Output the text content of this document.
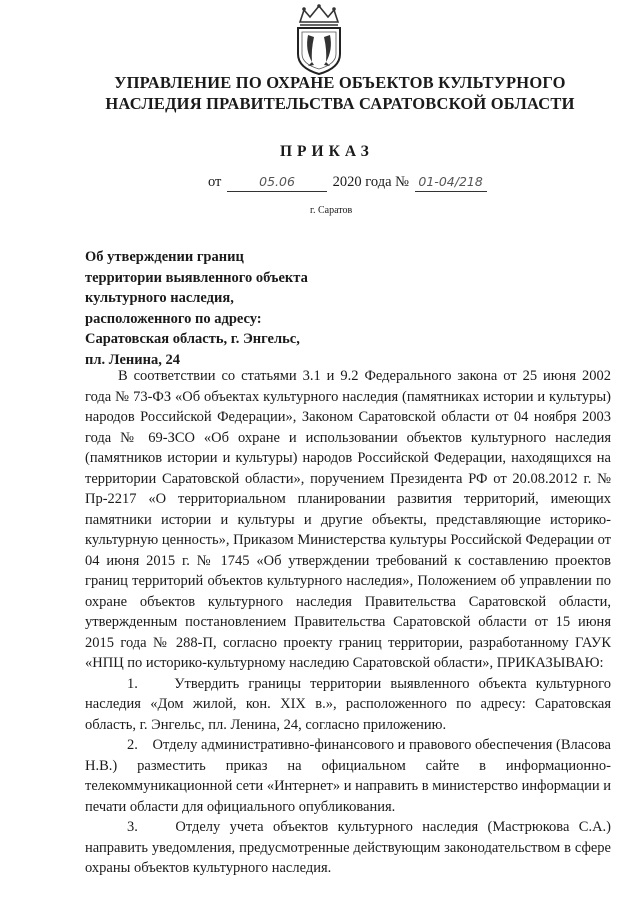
УПРАВЛЕНИЕ ПО ОХРАНЕ ОБЪЕКТОВ КУЛЬТУРНОГО
НАСЛЕДИЯ ПРАВИТЕЛЬСТВА САРАТОВСКОЙ ОБЛАСТИ
ПРИКАЗ
от	05.06	2020 года № 01-04/218
г. Саратов
Об утверждении границ
территории выявленного объекта
культурного наследия,
расположенного по адресу:
Саратовская область, г. Энгельс,
пл. Ленина, 24

В соответствии со статьями 3.1 и 9.2 Федерального закона от 25 июня 2002 года № 73-ФЗ «Об объектах культурного наследия (памятниках истории и культуры) народов Российской Федерации», Законом Саратовской области от 04 ноября 2003 года № 69-ЗСО «Об охране и использовании объектов культурного наследия (памятников истории и культуры) народов Российской Федерации, находящихся на территории Саратовской области», поручением Президента РФ от 20.08.2012 г. № Пр-2217 «О территориальном планировании развития территорий, имеющих памятники истории и культуры и другие объекты, представляющие историко-культурную ценность», Приказом Министерства культуры Российской Федерации от 04 июня 2015 г. № 1745 «Об утверждении требований к составлению проектов границ территорий объектов культурного наследия», Положением об управлении по охране объектов культурного наследия Правительства Саратовской области, утвержденным постановлением Правительства Саратовской области от 15 июня 2015 года № 288-П, согласно проекту границ территории, разработанному ГАУК «НПЦ по историко-культурному наследию Саратовской области», ПРИКАЗЫВАЮ:

1.    Утвердить границы территории выявленного объекта культурного наследия «Дом жилой, кон. XIX в.», расположенного по адресу: Саратовская область, г. Энгельс, пл. Ленина, 24, согласно приложению.

2.    Отделу административно-финансового и правового обеспечения (Власова Н.В.) разместить приказ на официальном сайте в информационно-телекоммуникационной сети «Интернет» и направить в министерство информации и печати области для официального опубликования.

3.    Отделу учета объектов культурного наследия (Мастрюкова С.А.) направить уведомления, предусмотренные действующим законодательством в сфере охраны объектов культурного наследия.
